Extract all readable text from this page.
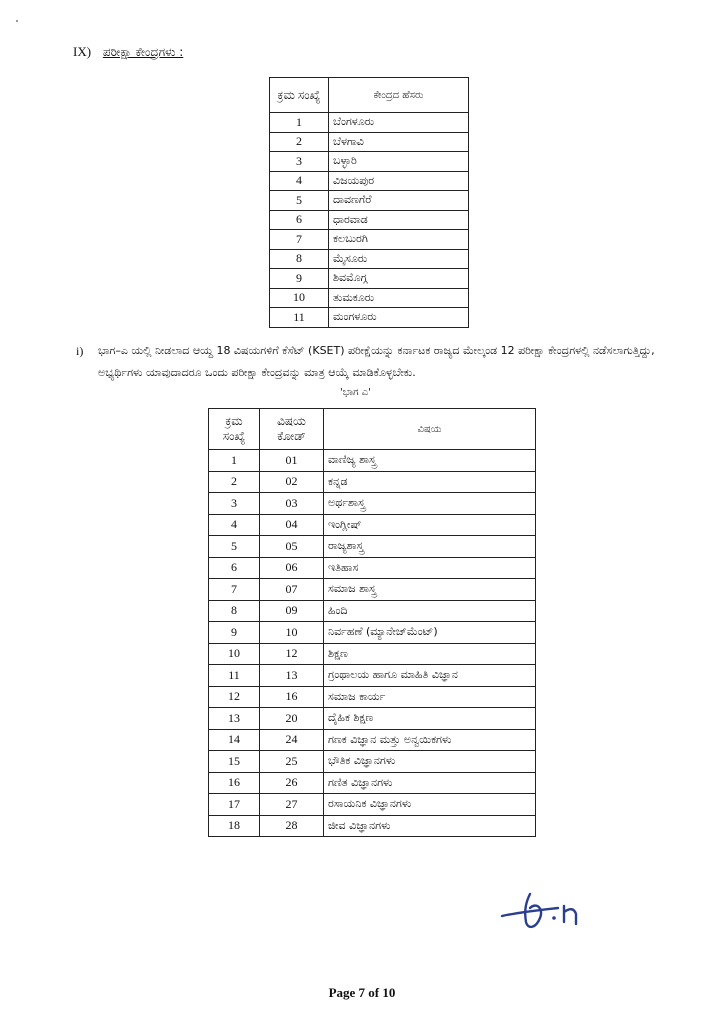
IX) ಪರೀಕ್ಷಾ ಕೇಂದ್ರಗಳು :
ಕ್ರಮ ಸಂಖ್ಯೆ	ಕೇಂದ್ರದ ಹೆಸರು
1	ಬೆಂಗಳೂರು
2	ಬೆಳಗಾವಿ
3	ಬಳ್ಳಾರಿ
4	ವಿಜಯಪುರ
5	ದಾವಣಗೆರೆ
6	ಧಾರವಾಡ
7	ಕಲಬುರಗಿ
8	ಮೈಸೂರು
9	ಶಿವಮೊಗ್ಗ
10	ತುಮಕೂರು
11	ಮಂಗಳೂರು
i) ಭಾಗ–ಎ ಯಲ್ಲಿ ನೀಡಲಾದ ಆಯ್ದ 18 ವಿಷಯಗಳಿಗೆ ಕೆಸೆಟ್ (KSET) ಪರೀಕ್ಷೆಯನ್ನು ಕರ್ನಾಟಕ ರಾಜ್ಯದ ಮೇಲ್ಕಂಡ 12 ಪರೀಕ್ಷಾ ಕೇಂದ್ರಗಳಲ್ಲಿ ನಡೆಸಲಾಗುತ್ತಿದ್ದು, ಅಭ್ಯರ್ಥಿಗಳು ಯಾವುದಾದರೂ ಒಂದು ಪರೀಕ್ಷಾ ಕೇಂದ್ರವನ್ನು ಮಾತ್ರ ಆಯ್ಕೆ ಮಾಡಿಕೊಳ್ಳಬೇಕು.
'ಭಾಗ ಎ'
ಕ್ರಮ ಸಂಖ್ಯೆ	ವಿಷಯ ಕೋಡ್	ವಿಷಯ
1	01	ವಾಣಿಜ್ಯ ಶಾಸ್ತ್ರ
2	02	ಕನ್ನಡ
3	03	ಅರ್ಥಶಾಸ್ತ್ರ
4	04	ಇಂಗ್ಲೀಷ್
5	05	ರಾಜ್ಯಶಾಸ್ತ್ರ
6	06	ಇತಿಹಾಸ
7	07	ಸಮಾಜ ಶಾಸ್ತ್ರ
8	09	ಹಿಂದಿ
9	10	ನಿರ್ವಹಣೆ (ಮ್ಯಾನೇಜ್‌ಮೆಂಟ್)
10	12	ಶಿಕ್ಷಣ
11	13	ಗ್ರಂಥಾಲಯ ಹಾಗೂ ಮಾಹಿತಿ ವಿಜ್ಞಾನ
12	16	ಸಮಾಜ ಕಾರ್ಯ
13	20	ದೈಹಿಕ ಶಿಕ್ಷಣ
14	24	ಗಣಕ ವಿಜ್ಞಾನ ಮತ್ತು ಅನ್ವಯಿಕಗಳು
15	25	ಭೌತಿಕ ವಿಜ್ಞಾನಗಳು
16	26	ಗಣಿತ ವಿಜ್ಞಾನಗಳು
17	27	ರಸಾಯನಿಕ ವಿಜ್ಞಾನಗಳು
18	28	ಜೀವ ವಿಜ್ಞಾನಗಳು
Page 7 of 10
